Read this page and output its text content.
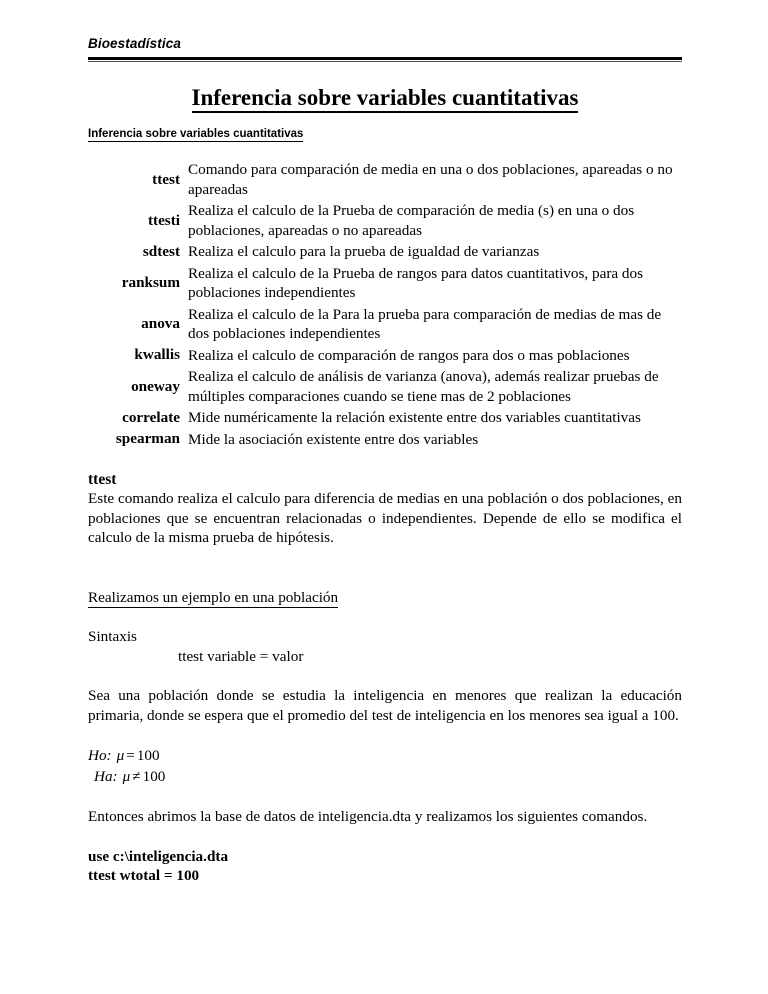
Bioestadística
Inferencia sobre variables cuantitativas
Inferencia sobre variables cuantitativas
ttest	Comando para comparación de media en una o dos poblaciones, apareadas o no apareadas
ttesti	Realiza el calculo de la Prueba de comparación de media (s) en una o dos poblaciones, apareadas o no apareadas
sdtest	Realiza el calculo para la prueba de igualdad de varianzas
ranksum	Realiza el calculo de la Prueba de rangos para datos cuantitativos, para dos poblaciones independientes
anova	Realiza el calculo de la Para la prueba para comparación de medias de mas de dos poblaciones independientes
kwallis	Realiza el calculo de comparación de rangos para dos o mas poblaciones
oneway	Realiza el calculo de análisis de varianza (anova), además realizar pruebas de múltiples comparaciones cuando se tiene mas de 2 poblaciones
correlate	Mide numéricamente la relación existente entre dos variables cuantitativas
spearman	Mide la asociación existente entre dos variables
ttest

Este comando realiza el calculo para diferencia de medias en una población o dos poblaciones, en poblaciones que se encuentran relacionadas o independientes. Depende de ello se modifica el calculo de la misma prueba de hipótesis.

Realizamos un ejemplo en una población
Sintaxis
ttest variable = valor

Sea una población donde se estudia la inteligencia en menores que realizan la educación primaria, donde se espera que el promedio del test de inteligencia en los menores sea igual a 100.

Ho: μ = 100
Ha: μ ≠ 100

Entonces abrimos la base de datos de inteligencia.dta y realizamos los siguientes comandos.

use c:\inteligencia.dta
ttest wtotal = 100
